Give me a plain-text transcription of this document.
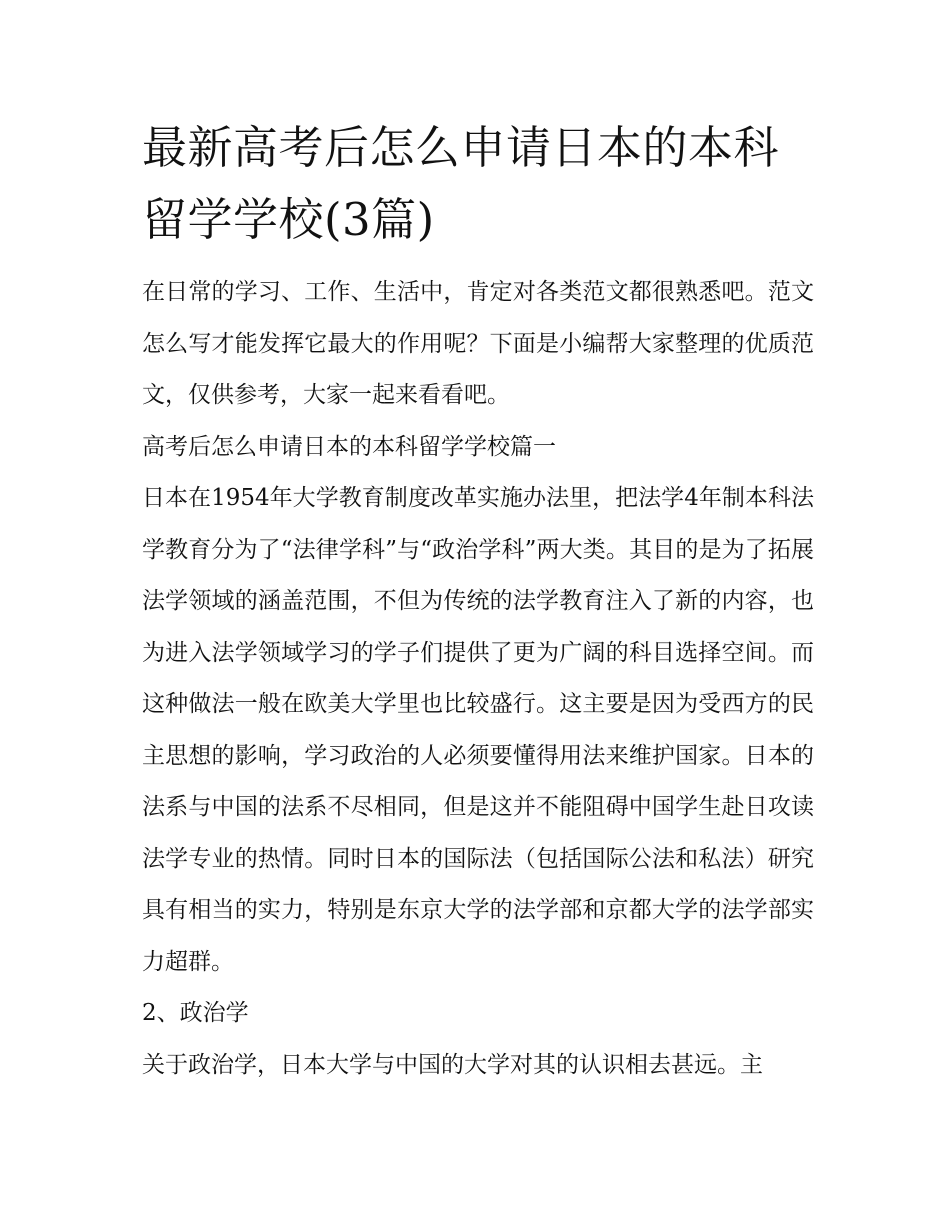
最新高考后怎么申请日本的本科留学学校(3篇)

在日常的学习、工作、生活中，肯定对各类范文都很熟悉吧。范文怎么写才能发挥它最大的作用呢？下面是小编帮大家整理的优质范文，仅供参考，大家一起来看看吧。

高考后怎么申请日本的本科留学学校篇一

日本在1954年大学教育制度改革实施办法里，把法学4年制本科法学教育分为了“法律学科”与“政治学科”两大类。其目的是为了拓展法学领域的涵盖范围，不但为传统的法学教育注入了新的内容，也为进入法学领域学习的学子们提供了更为广阔的科目选择空间。而这种做法一般在欧美大学里也比较盛行。这主要是因为受西方的民主思想的影响，学习政治的人必须要懂得用法来维护国家。日本的法系与中国的法系不尽相同，但是这并不能阻碍中国学生赴日攻读法学专业的热情。同时日本的国际法（包括国际公法和私法）研究具有相当的实力，特别是东京大学的法学部和京都大学的法学部实力超群。

2、政治学

关于政治学，日本大学与中国的大学对其的认识相去甚远。主
